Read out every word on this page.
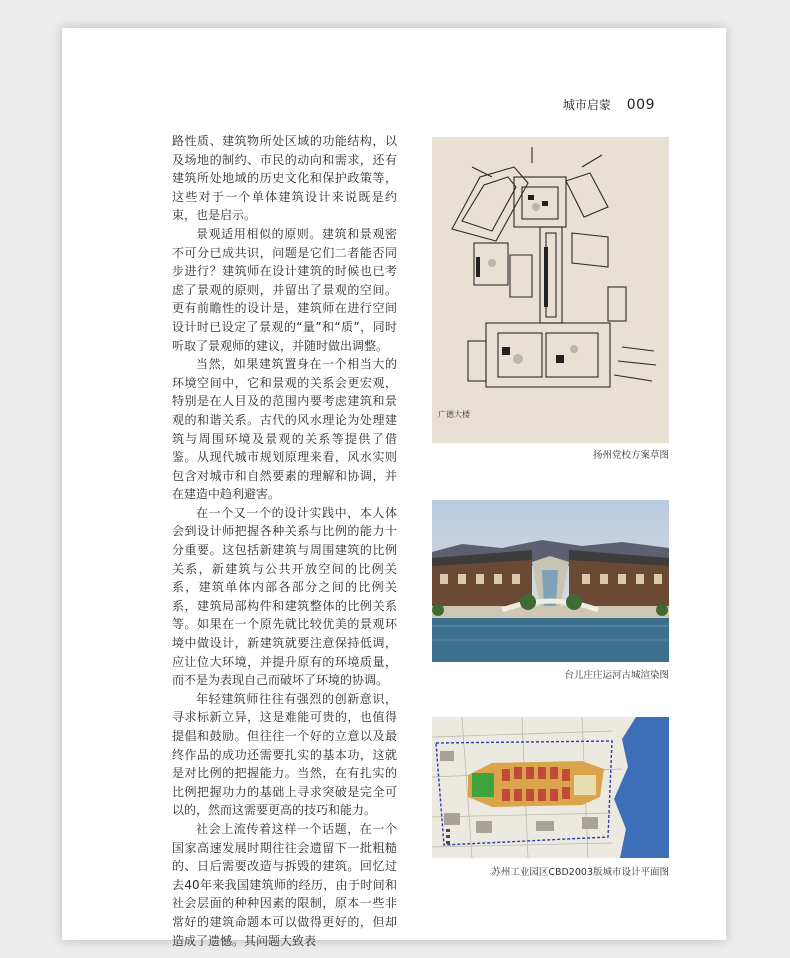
城市启蒙 009

路性质、建筑物所处区域的功能结构，以及场地的制约、市民的动向和需求，还有建筑所处地域的历史文化和保护政策等，这些对于一个单体建筑设计来说既是约束，也是启示。

景观适用相似的原则。建筑和景观密不可分已成共识，问题是它们二者能否同步进行？建筑师在设计建筑的时候也已考虑了景观的原则，并留出了景观的空间。更有前瞻性的设计是，建筑师在进行空间设计时已设定了景观的“量”和“质”，同时听取了景观师的建议，并随时做出调整。

当然，如果建筑置身在一个相当大的环境空间中，它和景观的关系会更宏观，特别是在人目及的范围内要考虑建筑和景观的和谐关系。古代的风水理论为处理建筑与周围环境及景观的关系等提供了借鉴。从现代城市规划原理来看，风水实则包含对城市和自然要素的理解和协调，并在建造中趋利避害。

在一个又一个的设计实践中，本人体会到设计师把握各种关系与比例的能力十分重要。这包括新建筑与周围建筑的比例关系，新建筑与公共开放空间的比例关系，建筑单体内部各部分之间的比例关系，建筑局部构件和建筑整体的比例关系等。如果在一个原先就比较优美的景观环境中做设计，新建筑就要注意保持低调，应让位大环境，并提升原有的环境质量，而不是为表现自己而破坏了环境的协调。

年轻建筑师往往有强烈的创新意识，寻求标新立异，这是难能可贵的，也值得提倡和鼓励。但往往一个好的立意以及最终作品的成功还需要扎实的基本功，这就是对比例的把握能力。当然，在有扎实的比例把握功力的基础上寻求突破是完全可以的，然而这需要更高的技巧和能力。

社会上流传着这样一个话题，在一个国家高速发展时期往往会遗留下一批粗糙的、日后需要改造与拆毁的建筑。回忆过去40年来我国建筑师的经历，由于时间和社会层面的种种因素的限制，原本一些非常好的建筑命题本可以做得更好的，但却造成了遗憾。其问题大致表

广德大楼
扬州党校方案草图
台儿庄庄运河古城渲染图
苏州工业园区CBD2003版城市设计平面图
